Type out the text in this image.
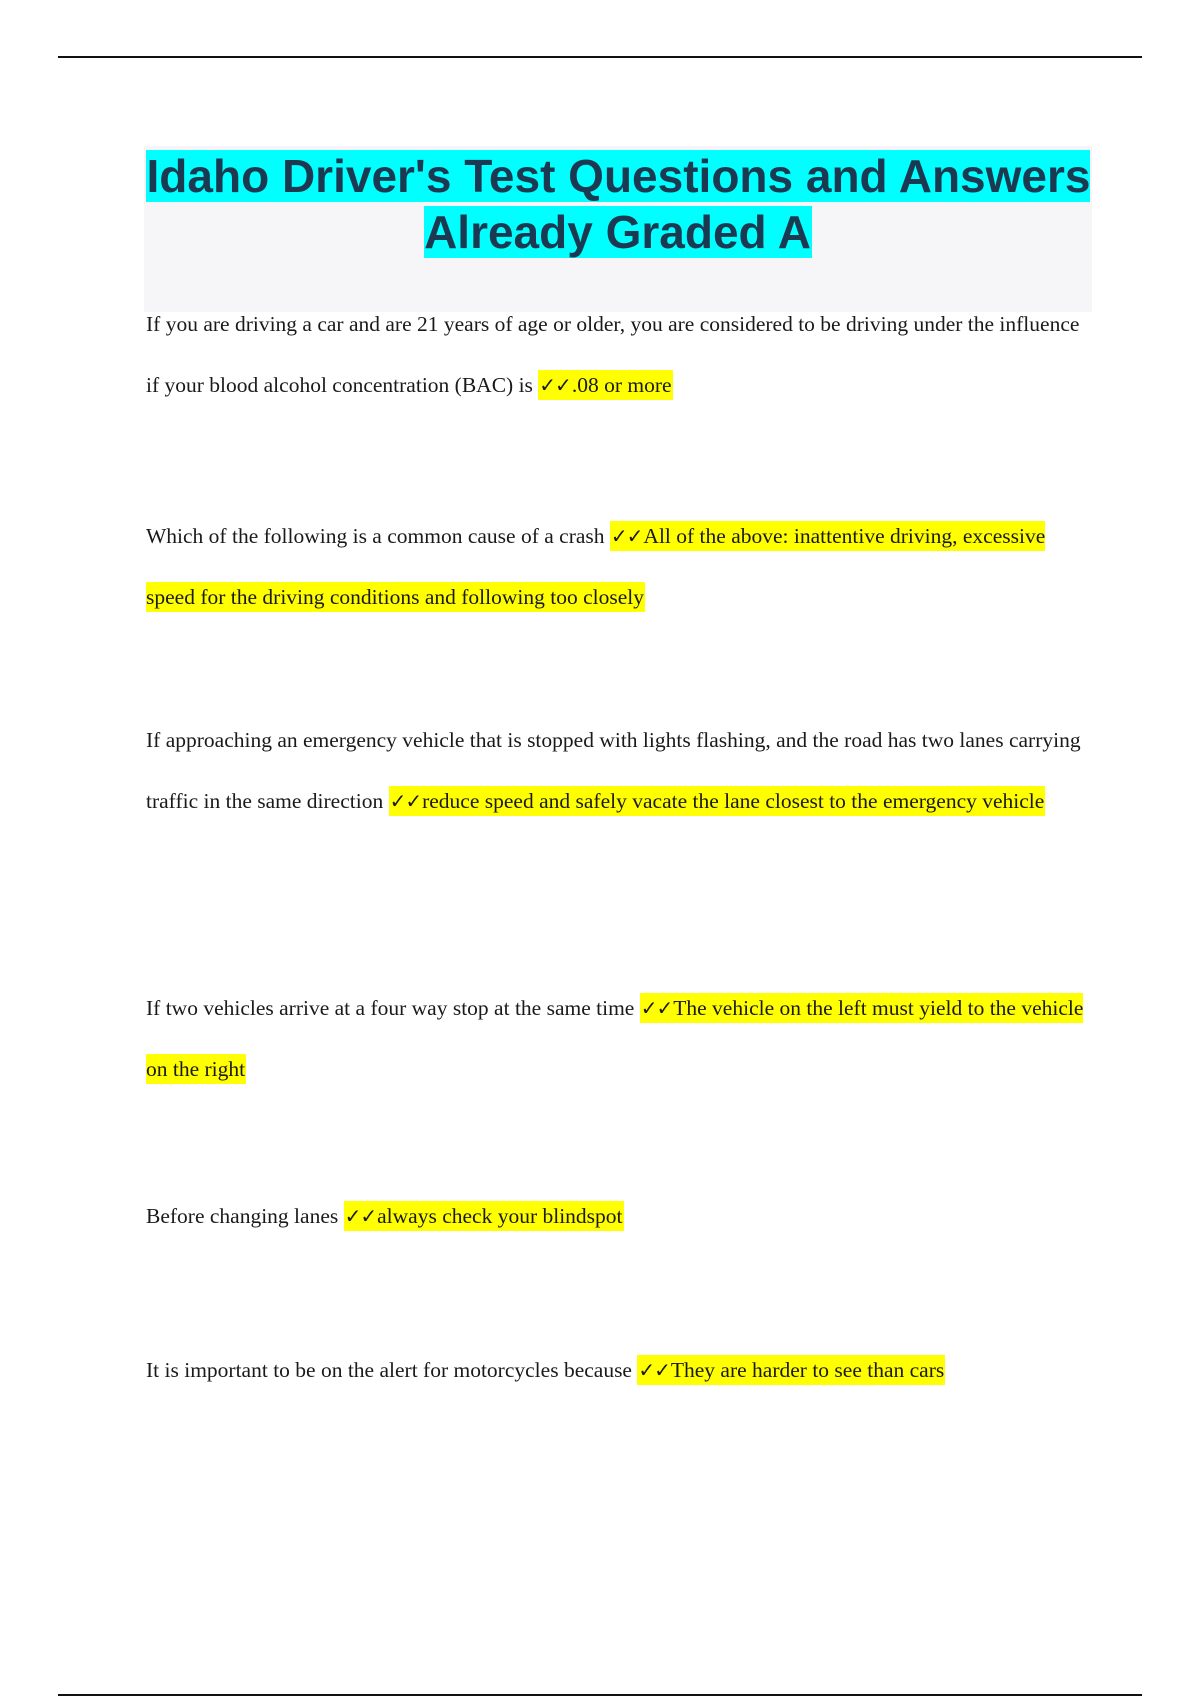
Idaho Driver's Test Questions and Answers Already Graded A

If you are driving a car and are 21 years of age or older, you are considered to be driving under the influence if your blood alcohol concentration (BAC) is ✓✓.08 or more

Which of the following is a common cause of a crash ✓✓All of the above: inattentive driving, excessive speed for the driving conditions and following too closely

If approaching an emergency vehicle that is stopped with lights flashing, and the road has two lanes carrying traffic in the same direction ✓✓reduce speed and safely vacate the lane closest to the emergency vehicle

If two vehicles arrive at a four way stop at the same time ✓✓The vehicle on the left must yield to the vehicle on the right

Before changing lanes ✓✓always check your blindspot

It is important to be on the alert for motorcycles because ✓✓They are harder to see than cars
